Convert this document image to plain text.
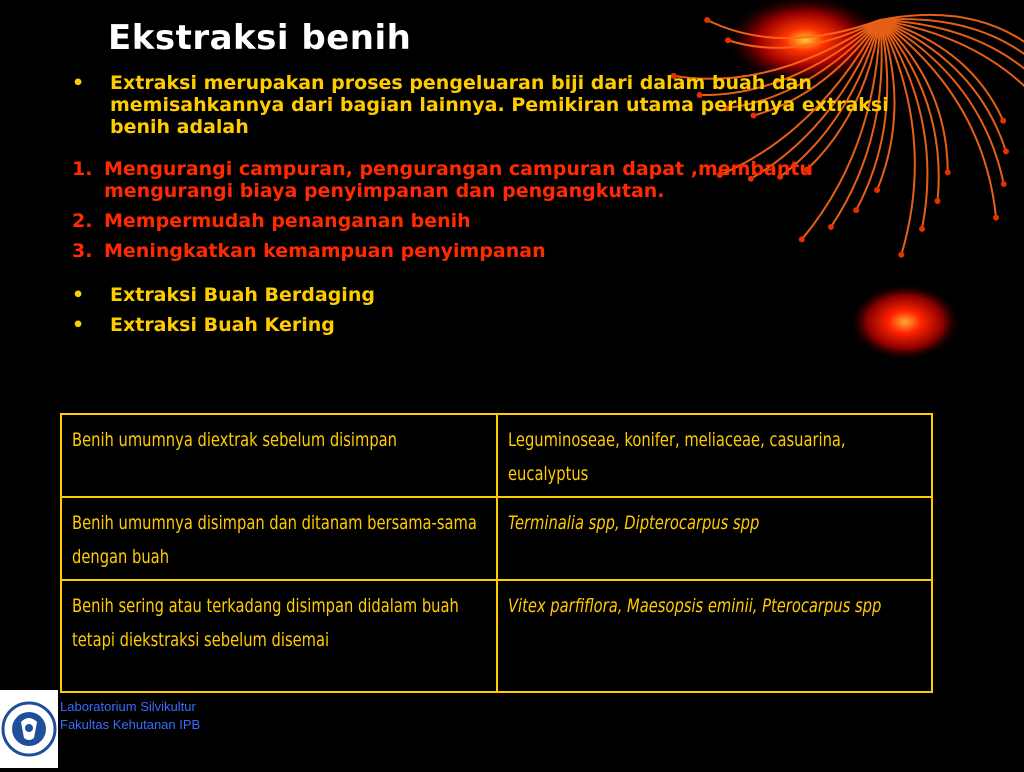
Ekstraksi benih
•	Extraksi merupakan proses pengeluaran biji dari dalam buah dan memisahkannya dari bagian lainnya. Pemikiran utama perlunya extraksi benih adalah
1. Mengurangi campuran, pengurangan campuran dapat ,membantu mengurangi biaya penyimpanan dan pengangkutan.
2. Mempermudah penanganan benih
3. Meningkatkan kemampuan penyimpanan
•	Extraksi Buah Berdaging
•	Extraksi Buah Kering
Benih umumnya diextrak sebelum disimpan	Leguminoseae, konifer, meliaceae, casuarina, eucalyptus
Benih umumnya disimpan dan ditanam bersama-sama dengan buah	Terminalia spp, Dipterocarpus spp
Benih sering atau terkadang disimpan didalam buah tetapi diekstraksi sebelum disemai	Vitex parfiflora, Maesopsis eminii, Pterocarpus spp
Laboratorium Silvikultur
Fakultas Kehutanan IPB
